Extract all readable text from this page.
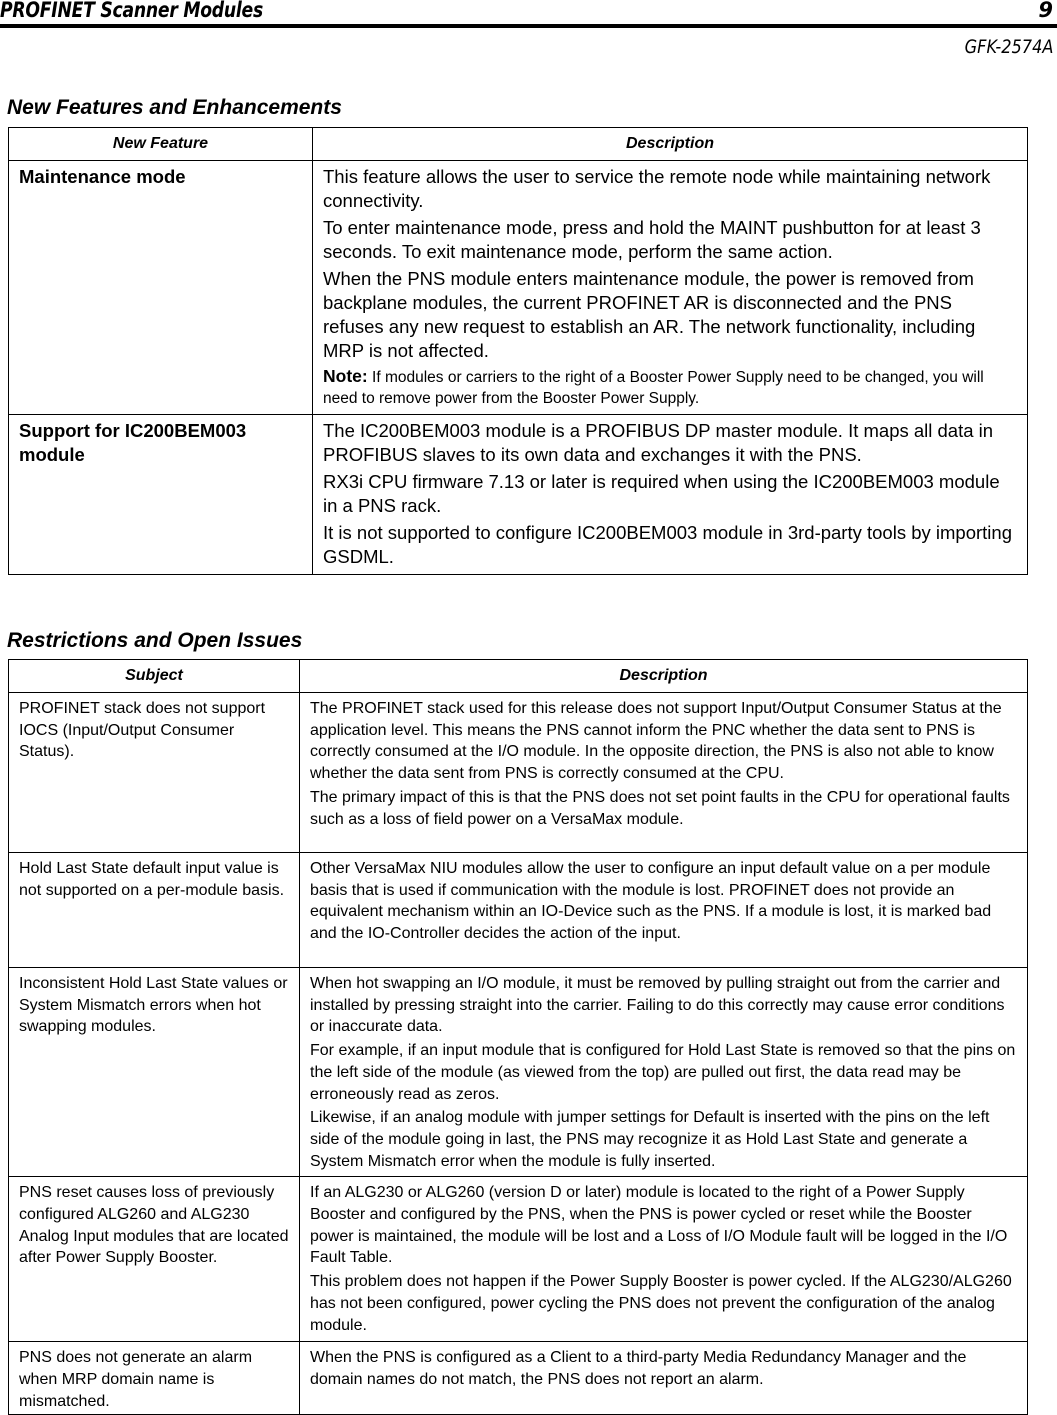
PROFINET Scanner Modules	9
GFK-2574A
New Features and Enhancements
New Feature	Description
Maintenance mode	This feature allows the user to service the remote node while maintaining network connectivity.

To enter maintenance mode, press and hold the MAINT pushbutton for at least 3 seconds. To exit maintenance mode, perform the same action.

When the PNS module enters maintenance module, the power is removed from backplane modules, the current PROFINET AR is disconnected and the PNS refuses any new request to establish an AR. The network functionality, including MRP is not affected.

Note: If modules or carriers to the right of a Booster Power Supply need to be changed, you will need to remove power from the Booster Power Supply.

Support for IC200BEM003 module	The IC200BEM003 module is a PROFIBUS DP master module. It maps all data in PROFIBUS slaves to its own data and exchanges it with the PNS.

RX3i CPU firmware 7.13 or later is required when using the IC200BEM003 module in a PNS rack.

It is not supported to configure IC200BEM003 module in 3rd-party tools by importing GSDML.

Restrictions and Open Issues
Subject	Description
PROFINET stack does not support IOCS (Input/Output Consumer Status).	The PROFINET stack used for this release does not support Input/Output Consumer Status at the application level. This means the PNS cannot inform the PNC whether the data sent to PNS is correctly consumed at the I/O module. In the opposite direction, the PNS is also not able to know whether the data sent from PNS is correctly consumed at the CPU.

The primary impact of this is that the PNS does not set point faults in the CPU for operational faults such as a loss of field power on a VersaMax module.

Hold Last State default input value is not supported on a per-module basis.	Other VersaMax NIU modules allow the user to configure an input default value on a per module basis that is used if communication with the module is lost. PROFINET does not provide an equivalent mechanism within an IO-Device such as the PNS. If a module is lost, it is marked bad and the IO-Controller decides the action of the input.

Inconsistent Hold Last State values or System Mismatch errors when hot swapping modules.	When hot swapping an I/O module, it must be removed by pulling straight out from the carrier and installed by pressing straight into the carrier. Failing to do this correctly may cause error conditions or inaccurate data.

For example, if an input module that is configured for Hold Last State is removed so that the pins on the left side of the module (as viewed from the top) are pulled out first, the data read may be erroneously read as zeros.

Likewise, if an analog module with jumper settings for Default is inserted with the pins on the left side of the module going in last, the PNS may recognize it as Hold Last State and generate a System Mismatch error when the module is fully inserted.

PNS reset causes loss of previously configured ALG260 and ALG230 Analog Input modules that are located after Power Supply Booster.	If an ALG230 or ALG260 (version D or later) module is located to the right of a Power Supply Booster and configured by the PNS, when the PNS is power cycled or reset while the Booster power is maintained, the module will be lost and a Loss of I/O Module fault will be logged in the I/O Fault Table.

This problem does not happen if the Power Supply Booster is power cycled. If the ALG230/ALG260 has not been configured, power cycling the PNS does not prevent the configuration of the analog module.

PNS does not generate an alarm when MRP domain name is mismatched.	When the PNS is configured as a Client to a third-party Media Redundancy Manager and the domain names do not match, the PNS does not report an alarm.
